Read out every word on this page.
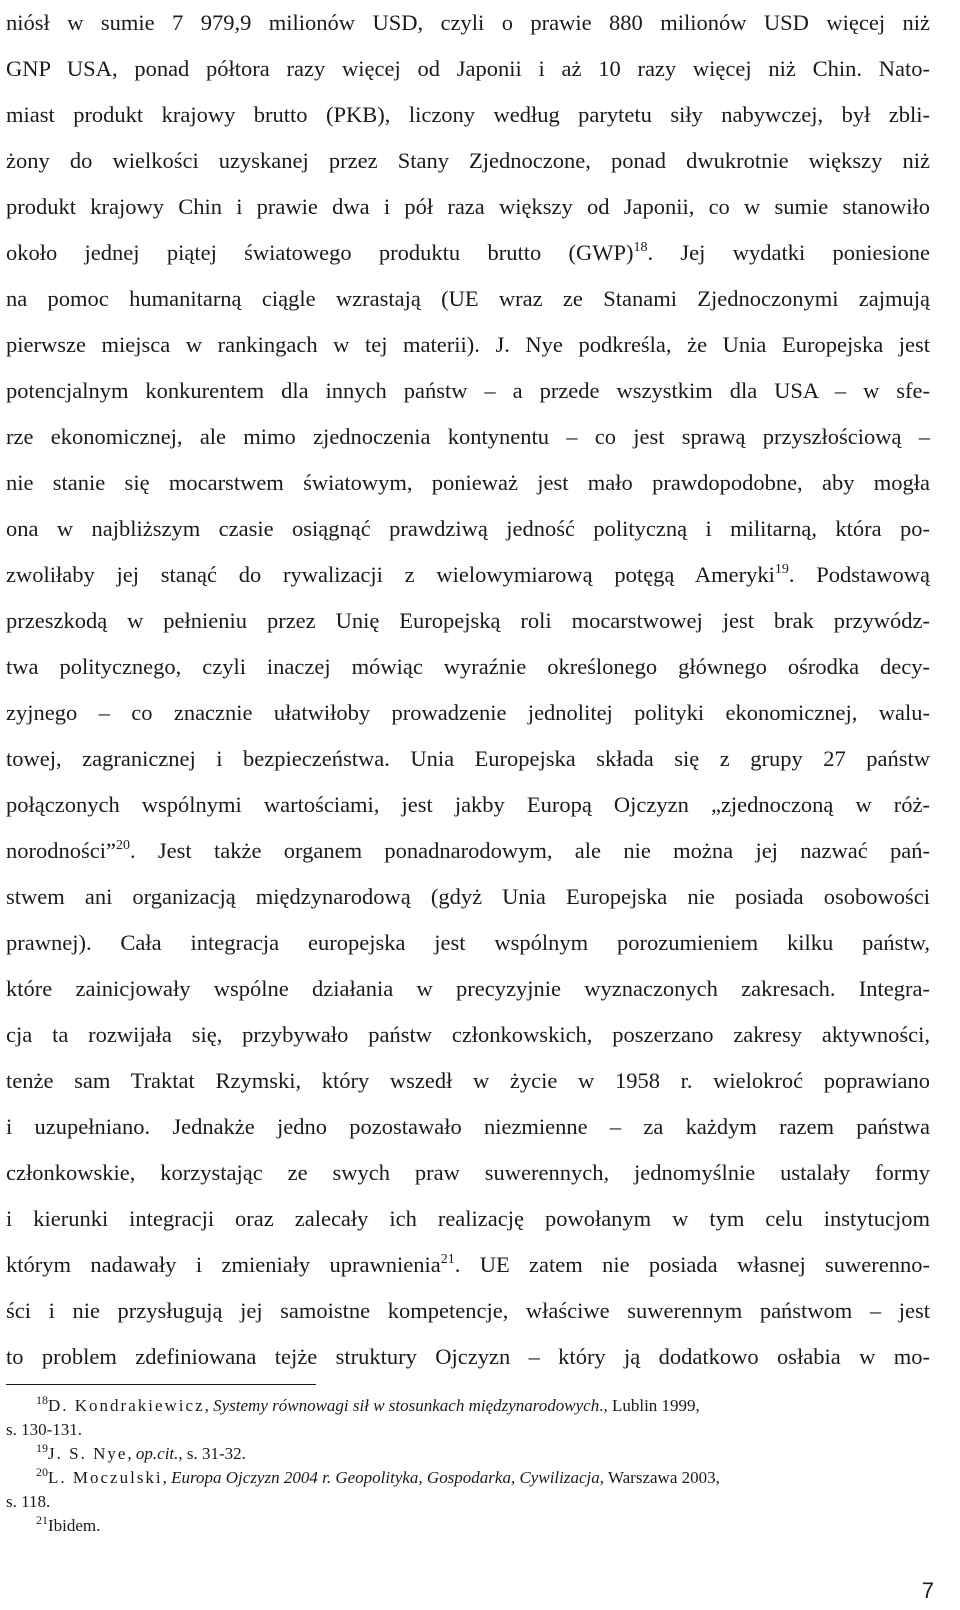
niósł w sumie 7 979,9 milionów USD, czyli o prawie 880 milionów USD więcej niż
GNP USA, ponad półtora razy więcej od Japonii i aż 10 razy więcej niż Chin. Nato-
miast produkt krajowy brutto (PKB), liczony według parytetu siły nabywczej, był zbli-
żony do wielkości uzyskanej przez Stany Zjednoczone, ponad dwukrotnie większy niż
produkt krajowy Chin i prawie dwa i pół raza większy od Japonii, co w sumie stanowiło
około jednej piątej światowego produktu brutto (GWP)$^{18}$. Jej wydatki poniesione
na pomoc humanitarną ciągle wzrastają (UE wraz ze Stanami Zjednoczonymi zajmują
pierwsze miejsca w rankingach w tej materii). J. Nye podkreśla, że Unia Europejska jest
potencjalnym konkurentem dla innych państw – a przede wszystkim dla USA – w sfe-
rze ekonomicznej, ale mimo zjednoczenia kontynentu – co jest sprawą przyszłościową –
nie stanie się mocarstwem światowym, ponieważ jest mało prawdopodobne, aby mogła
ona w najbliższym czasie osiągnąć prawdziwą jedność polityczną i militarną, która po-
zwoliłaby jej stanąć do rywalizacji z wielowymiarową potęgą Ameryki$^{19}$. Podstawową
przeszkodą w pełnieniu przez Unię Europejską roli mocarstwowej jest brak przywódz-
twa politycznego, czyli inaczej mówiąc wyraźnie określonego głównego ośrodka decy-
zyjnego – co znacznie ułatwiłoby prowadzenie jednolitej polityki ekonomicznej, walu-
towej, zagranicznej i bezpieczeństwa. Unia Europejska składa się z grupy 27 państw
połączonych wspólnymi wartościami, jest jakby Europą Ojczyzn „zjednoczoną w róż-
norodności”$^{20}$. Jest także organem ponadnarodowym, ale nie można jej nazwać pań-
stwem ani organizacją międzynarodową (gdyż Unia Europejska nie posiada osobowości
prawnej). Cała integracja europejska jest wspólnym porozumieniem kilku państw,
które zainicjowały wspólne działania w precyzyjnie wyznaczonych zakresach. Integra-
cja ta rozwijała się, przybywało państw członkowskich, poszerzano zakresy aktywności,
tenże sam Traktat Rzymski, który wszedł w życie w 1958 r. wielokroć poprawiano
i uzupełniano. Jednakże jedno pozostawało niezmienne – za każdym razem państwa
członkowskie, korzystając ze swych praw suwerennych, jednomyślnie ustalały formy
i kierunki integracji oraz zalecały ich realizację powołanym w tym celu instytucjom
którym nadawały i zmieniały uprawnienia$^{21}$. UE zatem nie posiada własnej suwerenno-
ści i nie przysługują jej samoistne kompetencje, właściwe suwerennym państwom – jest
to problem zdefiniowana tejże struktury Ojczyzn – który ją dodatkowo osłabia w mo-
$^{18}$D. Kondrakiewicz, Systemy równowagi sił w stosunkach międzynarodowych., Lublin 1999,
s. 130-131.
$^{19}$J. S. Nye, op.cit., s. 31-32.
$^{20}$L. Moczulski, Europa Ojczyzn 2004 r. Geopolityka, Gospodarka, Cywilizacja, Warszawa 2003,
s. 118.
$^{21}$Ibidem.
7
